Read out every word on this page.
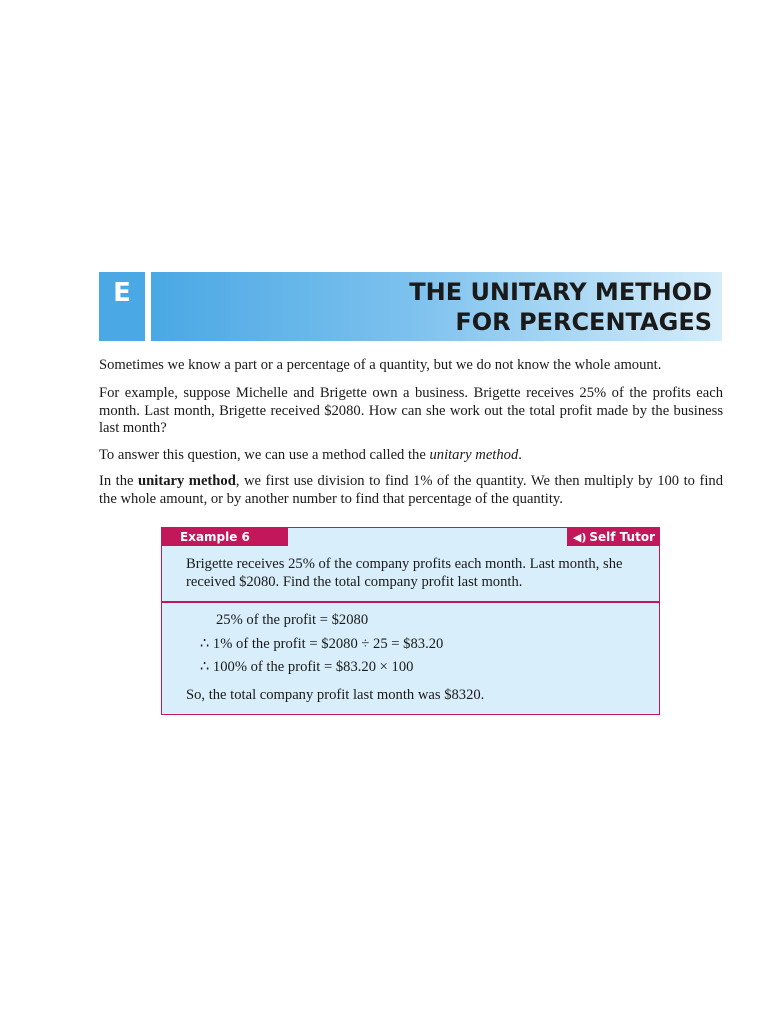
E	THE UNITARY METHOD
FOR PERCENTAGES

Sometimes we know a part or a percentage of a quantity, but we do not know the whole amount.

For example, suppose Michelle and Brigette own a business. Brigette receives 25% of the profits each month. Last month, Brigette received $2080. How can she work out the total profit made by the business last month?

To answer this question, we can use a method called the unitary method.

In the unitary method, we first use division to find 1% of the quantity. We then multiply by 100 to find the whole amount, or by another number to find that percentage of the quantity.

Example 6	◀) Self Tutor

Brigette receives 25% of the company profits each month. Last month, she received $2080. Find the total company profit last month.

25% of the profit = $2080
∴ 1% of the profit = $2080 ÷ 25 = $83.20
∴ 100% of the profit = $83.20 × 100
So, the total company profit last month was $8320.
